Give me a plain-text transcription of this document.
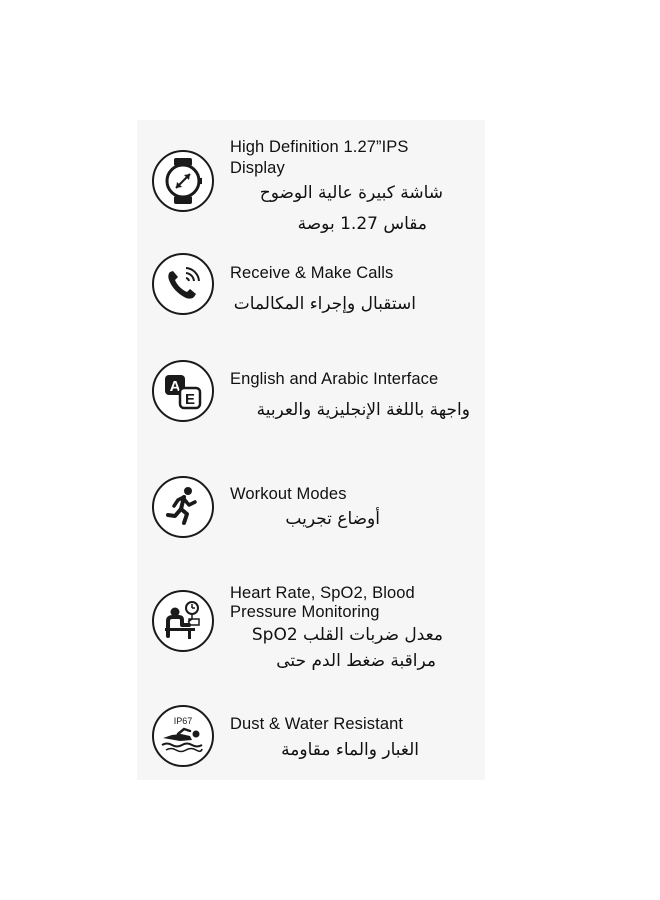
High Definition 1.27”IPS
Display
شاشة كبيرة عالية الوضوح
مقاس 1.27 بوصة
Receive & Make Calls
استقبال وإجراء المكالمات
A
E
English and Arabic Interface
واجهة باللغة الإنجليزية والعربية
Workout Modes
أوضاع تجريب
Heart Rate, SpO2, Blood
Pressure Monitoring
معدل ضربات القلب SpO2
مراقبة ضغط الدم حتى
IP67 Dust & Water Resistant
الغبار والماء مقاومة
